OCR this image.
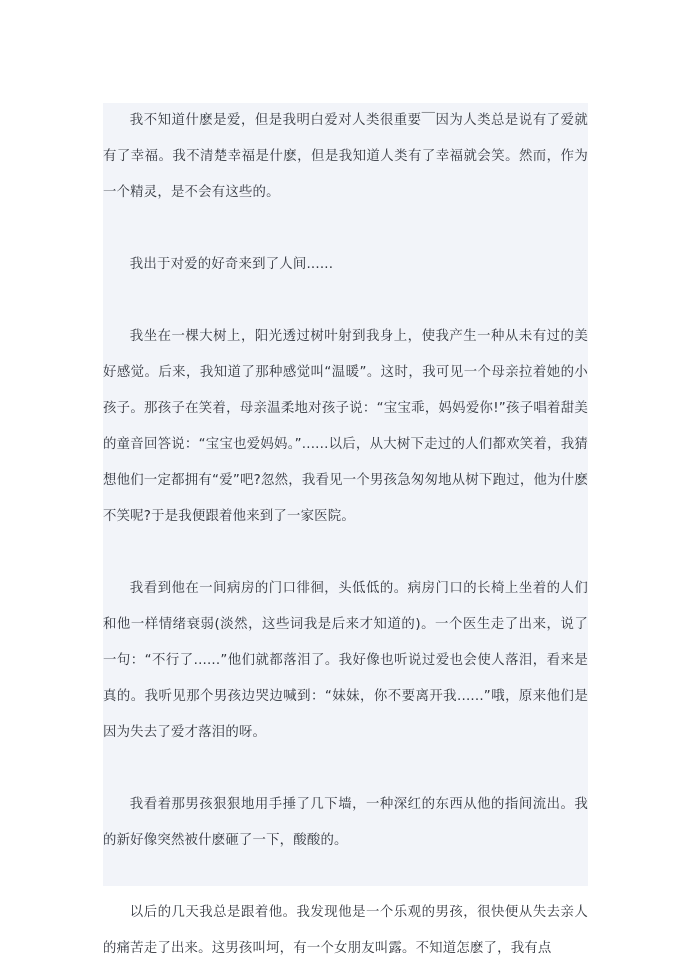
我不知道什麽是爱，但是我明白爱对人类很重要￣因为人类总是说有了爱就有了幸福。我不清楚幸福是什麽，但是我知道人类有了幸福就会笑。然而，作为一个精灵，是不会有这些的。

我出于对爱的好奇来到了人间......

我坐在一棵大树上，阳光透过树叶射到我身上，使我产生一种从未有过的美好感觉。后来，我知道了那种感觉叫“温暖”。这时，我可见一个母亲拉着她的小孩子。那孩子在笑着，母亲温柔地对孩子说：“宝宝乖，妈妈爱你!”孩子唱着甜美的童音回答说：“宝宝也爱妈妈。”......以后，从大树下走过的人们都欢笑着，我猜想他们一定都拥有“爱”吧?忽然，我看见一个男孩急匆匆地从树下跑过，他为什麽不笑呢?于是我便跟着他来到了一家医院。

我看到他在一间病房的门口徘徊，头低低的。病房门口的长椅上坐着的人们和他一样情绪衰弱(淡然，这些词我是后来才知道的)。一个医生走了出来，说了一句：“不行了......”他们就都落泪了。我好像也听说过爱也会使人落泪，看来是真的。我听见那个男孩边哭边喊到：“妹妹，你不要离开我......”哦，原来他们是因为失去了爱才落泪的呀。

我看着那男孩狠狠地用手捶了几下墙，一种深红的东西从他的指间流出。我的新好像突然被什麽砸了一下，酸酸的。

以后的几天我总是跟着他。我发现他是一个乐观的男孩，很快便从失去亲人的痛苦走了出来。这男孩叫坷，有一个女朋友叫露。不知道怎麽了，我有点
